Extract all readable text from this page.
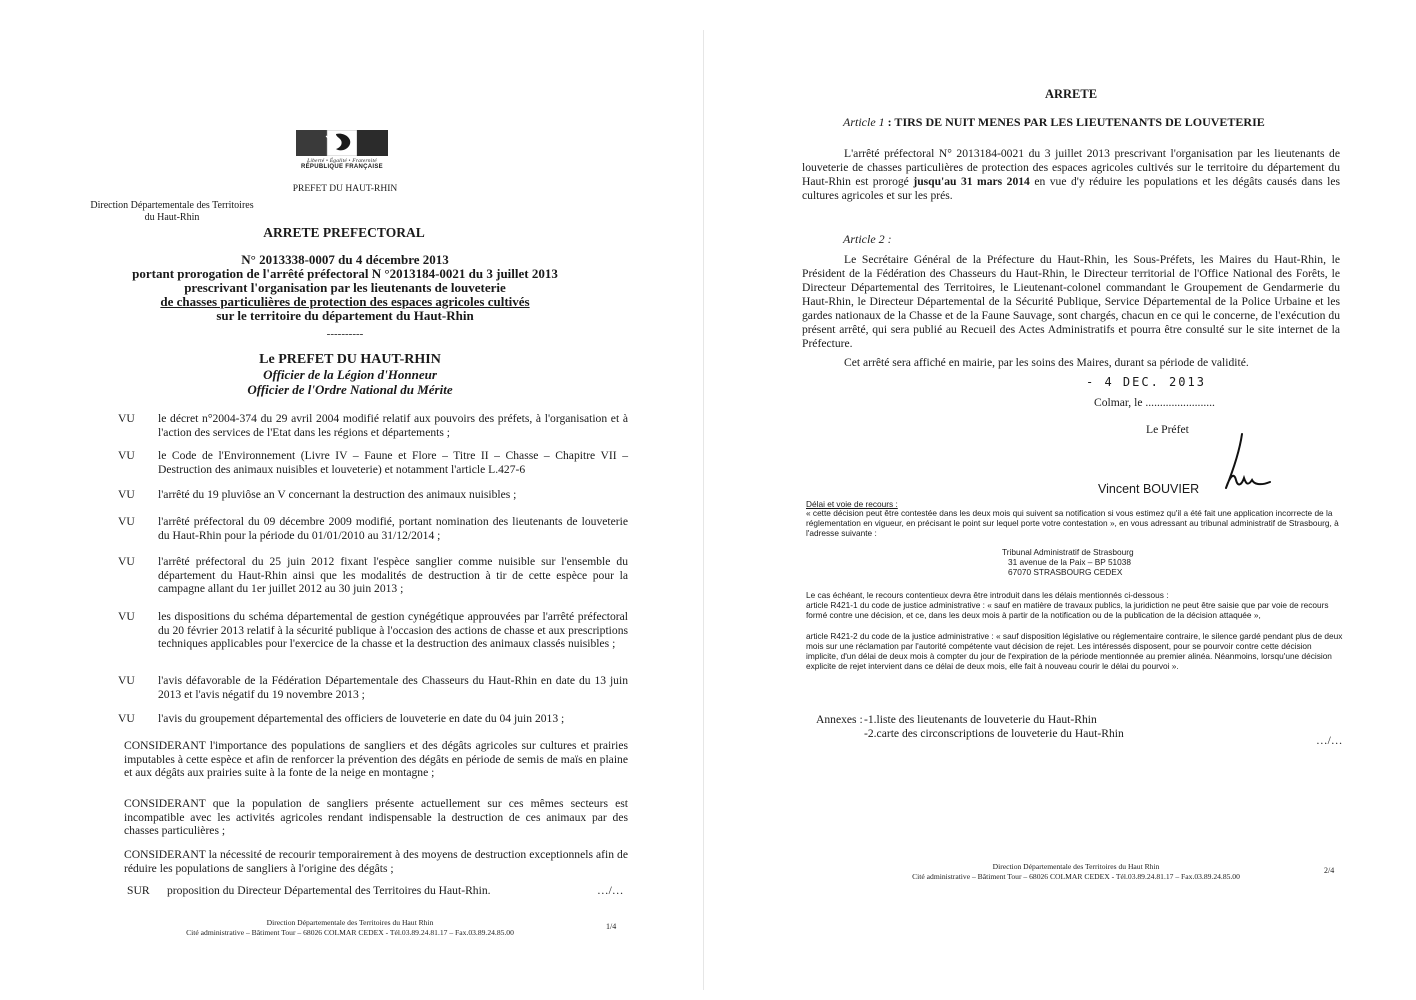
Liberté • Égalité • Fraternité
RÉPUBLIQUE FRANÇAISE
PREFET DU HAUT-RHIN
Direction Départementale des Territoires
du Haut-Rhin
ARRETE PREFECTORAL
N° 2013338-0007 du 4 décembre 2013
portant prorogation de l'arrêté préfectoral N °2013184-0021 du 3 juillet 2013
prescrivant l'organisation par les lieutenants de louveterie
de chasses particulières de protection des espaces agricoles cultivés
sur le territoire du département du Haut-Rhin
----------
Le PREFET DU HAUT-RHIN
Officier de la Légion d'Honneur
Officier de l'Ordre National du Mérite
VU	le décret n°2004-374 du 29 avril 2004 modifié relatif aux pouvoirs des préfets, à l'organisation et à l'action des services de l'Etat dans les régions et départements ;
VU	le Code de l'Environnement (Livre IV – Faune et Flore – Titre II – Chasse – Chapitre VII – Destruction des animaux nuisibles et louveterie) et notamment l'article L.427-6
VU	l'arrêté du 19 pluviôse an V concernant la destruction des animaux nuisibles ;
VU	l'arrêté préfectoral du 09 décembre 2009 modifié, portant nomination des lieutenants de louveterie du Haut-Rhin pour la période du 01/01/2010 au 31/12/2014 ;
VU	l'arrêté préfectoral du 25 juin 2012 fixant l'espèce sanglier comme nuisible sur l'ensemble du département du Haut-Rhin ainsi que les modalités de destruction à tir de cette espèce pour la campagne allant du 1er juillet 2012 au 30 juin 2013 ;
VU	les dispositions du schéma départemental de gestion cynégétique approuvées par l'arrêté préfectoral du 20 février 2013 relatif à la sécurité publique à l'occasion des actions de chasse et aux prescriptions techniques applicables pour l'exercice de la chasse et la destruction des animaux classés nuisibles ;
VU	l'avis défavorable de la Fédération Départementale des Chasseurs du Haut-Rhin en date du 13 juin 2013 et l'avis négatif du 19 novembre 2013 ;
VU	l'avis du groupement départemental des officiers de louveterie en date du 04 juin 2013 ;
CONSIDERANT l'importance des populations de sangliers et des dégâts agricoles sur cultures et prairies imputables à cette espèce et afin de renforcer la prévention des dégâts en période de semis de maïs en plaine et aux dégâts aux prairies suite à la fonte de la neige en montagne ;
CONSIDERANT que la population de sangliers présente actuellement sur ces mêmes secteurs est incompatible avec les activités agricoles rendant indispensable la destruction de ces animaux par des chasses particulières ;
CONSIDERANT la nécessité de recourir temporairement à des moyens de destruction exceptionnels afin de réduire les populations de sangliers à l'origine des dégâts ;
SUR	proposition du Directeur Départemental des Territoires du Haut-Rhin.	…/…
Direction Départementale des Territoires du Haut Rhin
Cité administrative – Bâtiment Tour – 68026 COLMAR CEDEX - Tél.03.89.24.81.17 – Fax.03.89.24.85.00
1/4
ARRETE
Article 1 : TIRS DE NUIT MENES PAR LES LIEUTENANTS DE LOUVETERIE
L'arrêté préfectoral N° 2013184-0021 du 3 juillet 2013 prescrivant l'organisation par les lieutenants de louveterie de chasses particulières de protection des espaces agricoles cultivés sur le territoire du département du Haut-Rhin est prorogé jusqu'au 31 mars 2014 en vue d'y réduire les populations et les dégâts causés dans les cultures agricoles et sur les prés.
Article 2 :
Le Secrétaire Général de la Préfecture du Haut-Rhin, les Sous-Préfets, les Maires du Haut-Rhin, le Président de la Fédération des Chasseurs du Haut-Rhin, le Directeur territorial de l'Office National des Forêts, le Directeur Départemental des Territoires, le Lieutenant-colonel commandant le Groupement de Gendarmerie du Haut-Rhin, le Directeur Départemental de la Sécurité Publique, Service Départemental de la Police Urbaine et les gardes nationaux de la Chasse et de la Faune Sauvage, sont chargés, chacun en ce qui le concerne, de l'exécution du présent arrêté, qui sera publié au Recueil des Actes Administratifs et pourra être consulté sur le site internet de la Préfecture.
Cet arrêté sera affiché en mairie, par les soins des Maires, durant sa période de validité.
- 4 DEC. 2013
Colmar, le ........................
Le Préfet
Vincent BOUVIER
Délai et voie de recours :
« cette décision peut être contestée dans les deux mois qui suivent sa notification si vous estimez qu'il a été fait une application incorrecte de la réglementation en vigueur, en précisant le point sur lequel porte votre contestation », en vous adressant au tribunal administratif de Strasbourg, à l'adresse suivante :
Tribunal Administratif de Strasbourg
31 avenue de la Paix – BP 51038
67070 STRASBOURG CEDEX
Le cas échéant, le recours contentieux devra être introduit dans les délais mentionnés ci-dessous :
article R421-1 du code de justice administrative : « sauf en matière de travaux publics, la juridiction ne peut être saisie que par voie de recours formé contre une décision, et ce, dans les deux mois à partir de la notification ou de la publication de la décision attaquée »,
article R421-2 du code de la justice administrative : « sauf disposition législative ou réglementaire contraire, le silence gardé pendant plus de deux mois sur une réclamation par l'autorité compétente vaut décision de rejet. Les intéressés disposent, pour se pourvoir contre cette décision implicite, d'un délai de deux mois à compter du jour de l'expiration de la période mentionnée au premier alinéa. Néanmoins, lorsqu'une décision explicite de rejet intervient dans ce délai de deux mois, elle fait à nouveau courir le délai du pourvoi ».
Annexes : -1.liste des lieutenants de louveterie du Haut-Rhin
-2.carte des circonscriptions de louveterie du Haut-Rhin
…/…
Direction Départementale des Territoires du Haut Rhin
Cité administrative – Bâtiment Tour – 68026 COLMAR CEDEX - Tél.03.89.24.81.17 – Fax.03.89.24.85.00
2/4
